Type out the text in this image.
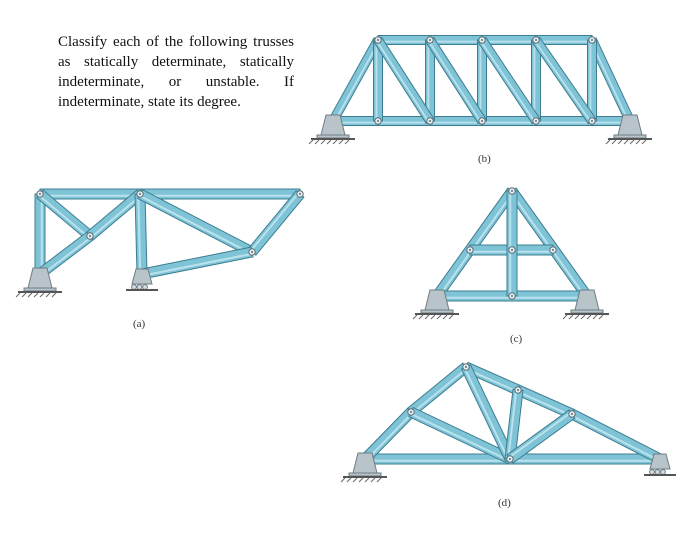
Classify each of the following trusses as statically determinate, statically indeterminate, or unstable. If indeterminate, state its degree.

(a)
(b)
(c)
(d)
